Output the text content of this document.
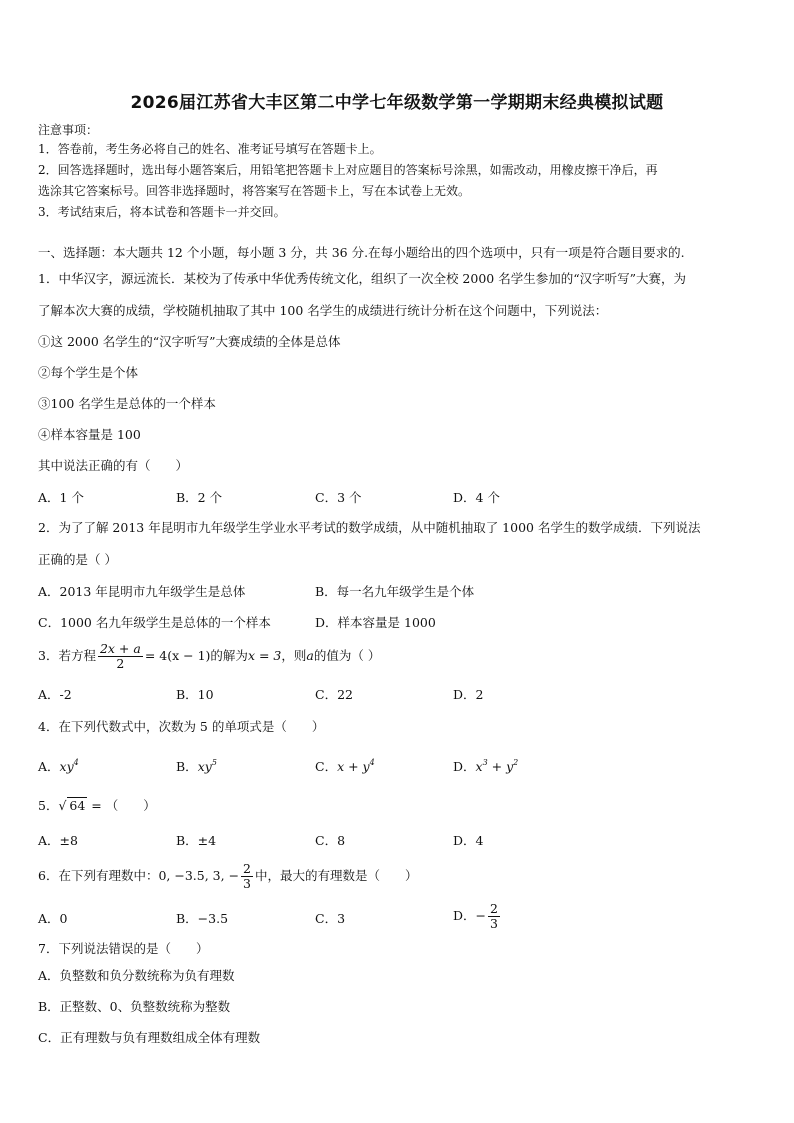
2026届江苏省大丰区第二中学七年级数学第一学期期末经典模拟试题
注意事项：
1．答卷前，考生务必将自己的姓名、准考证号填写在答题卡上。
2．回答选择题时，选出每小题答案后，用铅笔把答题卡上对应题目的答案标号涂黑，如需改动，用橡皮擦干净后，再
选涂其它答案标号。回答非选择题时，将答案写在答题卡上，写在本试卷上无效。
3．考试结束后，将本试卷和答题卡一并交回。
一、选择题：本大题共 12 个小题，每小题 3 分，共 36 分.在每小题给出的四个选项中，只有一项是符合题目要求的.
1．中华汉字，源远流长．某校为了传承中华优秀传统文化，组织了一次全校 2000 名学生参加的“汉字听写”大赛，为
了解本次大赛的成绩，学校随机抽取了其中 100 名学生的成绩进行统计分析在这个问题中，下列说法：
①这 2000 名学生的“汉字听写”大赛成绩的全体是总体
②每个学生是个体
③100 名学生是总体的一个样本
④样本容量是 100
其中说法正确的有（　　）
A．1 个	B．2 个	C．3 个	D．4 个
2．为了了解 2013 年昆明市九年级学生学业水平考试的数学成绩，从中随机抽取了 1000 名学生的数学成绩．下列说法
正确的是（ ）
A．2013 年昆明市九年级学生是总体	B．每一名九年级学生是个体
C．1000 名九年级学生是总体的一个样本	D．样本容量是 1000
3．若方程 $\frac{2x + a}{2} = 4(x - 1)$的解为x = 3，则a的值为（ ）
A．-2	B．10	C．22	D．2
4．在下列代数式中，次数为 5 的单项式是（　　）
A．$xy^4$	B．$xy^5$	C．$x + y^4$	D．$x^3 + y^2$
5．√ 64 = （　　）
A．±8	B．±4	C．8	D．4
6．在下列有理数中：0, −3.5, 3, − $\frac{2}{3}$ 中，最大的有理数是（　　）
A．0	B．−3.5	C．3	D．− $\frac{2}{3}$
7．下列说法错误的是（　　）
A．负整数和负分数统称为负有理数
B．正整数、0、负整数统称为整数
C．正有理数与负有理数组成全体有理数
